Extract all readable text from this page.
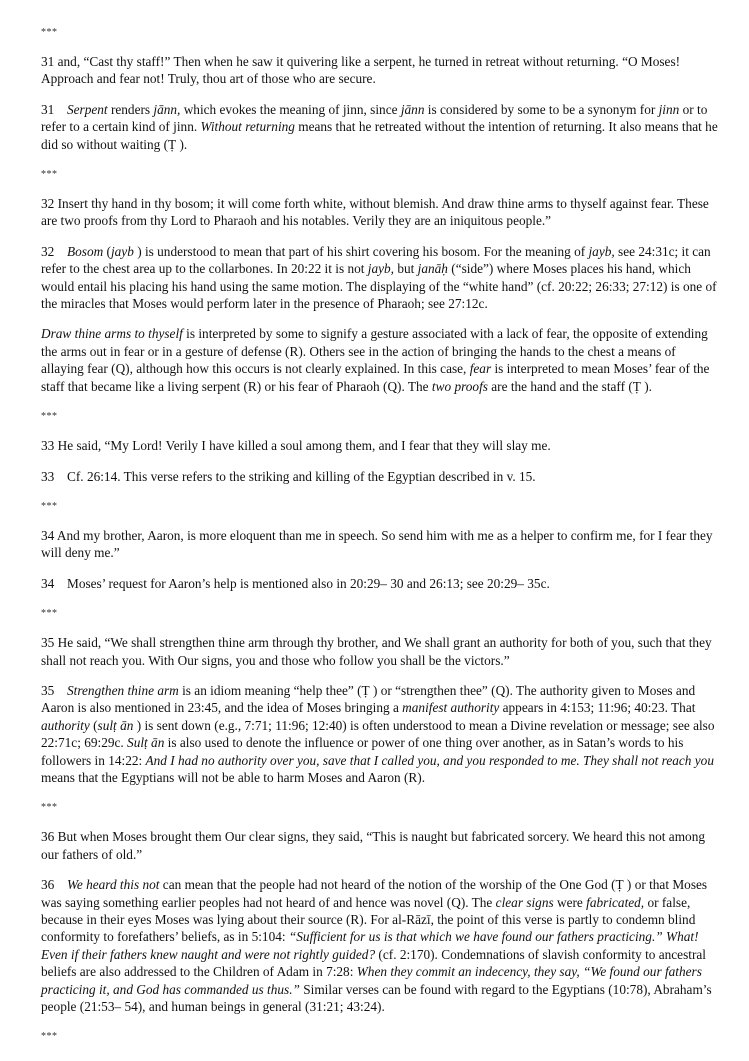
***
31 and, “Cast thy staff!” Then when he saw it quivering like a serpent, he turned in retreat without returning. “O Moses! Approach and fear not! Truly, thou art of those who are secure.
31 Serpent renders jānn, which evokes the meaning of jinn, since jānn is considered by some to be a synonym for jinn or to refer to a certain kind of jinn. Without returning means that he retreated without the intention of returning. It also means that he did so without waiting (Ṭ ).
***
32 Insert thy hand in thy bosom; it will come forth white, without blemish. And draw thine arms to thyself against fear. These are two proofs from thy Lord to Pharaoh and his notables. Verily they are an iniquitous people.”
32 Bosom (jayb ) is understood to mean that part of his shirt covering his bosom. For the meaning of jayb, see 24:31c; it can refer to the chest area up to the collarbones. In 20:22 it is not jayb, but janāḥ (“side”) where Moses places his hand, which would entail his placing his hand using the same motion. The displaying of the “white hand” (cf. 20:22; 26:33; 27:12) is one of the miracles that Moses would perform later in the presence of Pharaoh; see 27:12c.
Draw thine arms to thyself is interpreted by some to signify a gesture associated with a lack of fear, the opposite of extending the arms out in fear or in a gesture of defense (R). Others see in the action of bringing the hands to the chest a means of allaying fear (Q), although how this occurs is not clearly explained. In this case, fear is interpreted to mean Moses’ fear of the staff that became like a living serpent (R) or his fear of Pharaoh (Q). The two proofs are the hand and the staff (Ṭ ).
***
33 He said, “My Lord! Verily I have killed a soul among them, and I fear that they will slay me.
33 Cf. 26:14. This verse refers to the striking and killing of the Egyptian described in v. 15.
***
34 And my brother, Aaron, is more eloquent than me in speech. So send him with me as a helper to confirm me, for I fear they will deny me.”
34 Moses’ request for Aaron’s help is mentioned also in 20:29– 30 and 26:13; see 20:29– 35c.
***
35 He said, “We shall strengthen thine arm through thy brother, and We shall grant an authority for both of you, such that they shall not reach you. With Our signs, you and those who follow you shall be the victors.”
35 Strengthen thine arm is an idiom meaning “help thee” (Ṭ ) or “strengthen thee” (Q). The authority given to Moses and Aaron is also mentioned in 23:45, and the idea of Moses bringing a manifest authority appears in 4:153; 11:96; 40:23. That authority (sulṭ ān ) is sent down (e.g., 7:71; 11:96; 12:40) is often understood to mean a Divine revelation or message; see also 22:71c; 69:29c. Sulṭ ān is also used to denote the influence or power of one thing over another, as in Satan’s words to his followers in 14:22: And I had no authority over you, save that I called you, and you responded to me. They shall not reach you means that the Egyptians will not be able to harm Moses and Aaron (R).
***
36 But when Moses brought them Our clear signs, they said, “This is naught but fabricated sorcery. We heard this not among our fathers of old.”
36 We heard this not can mean that the people had not heard of the notion of the worship of the One God (Ṭ ) or that Moses was saying something earlier peoples had not heard of and hence was novel (Q). The clear signs were fabricated, or false, because in their eyes Moses was lying about their source (R). For al-Rāzī, the point of this verse is partly to condemn blind conformity to forefathers’ beliefs, as in 5:104: “Sufficient for us is that which we have found our fathers practicing.” What! Even if their fathers knew naught and were not rightly guided? (cf. 2:170). Condemnations of slavish conformity to ancestral beliefs are also addressed to the Children of Adam in 7:28: When they commit an indecency, they say, “We found our fathers practicing it, and God has commanded us thus.” Similar verses can be found with regard to the Egyptians (10:78), Abraham’s people (21:53– 54), and human beings in general (31:21; 43:24).
***
